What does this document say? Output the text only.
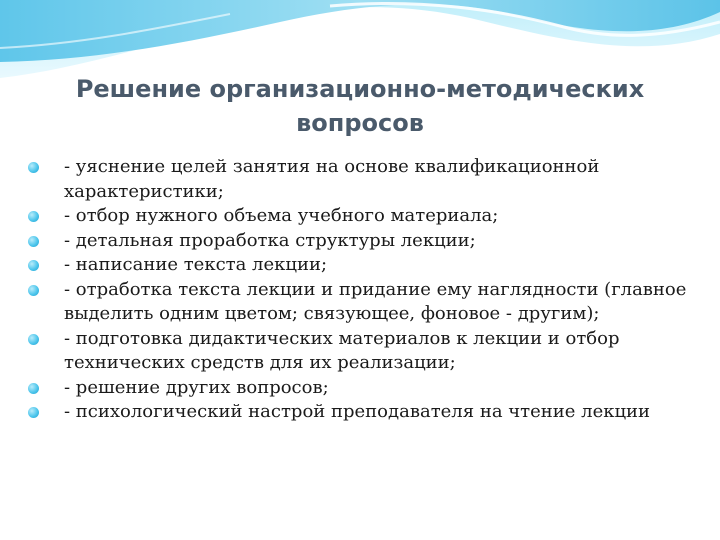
Решение организационно-методических
вопросов
- уяснение целей занятия на основе квалификационной характеристики;
- отбор нужного объема учебного материала;
- детальная проработка структуры лекции;
- написание текста лекции;
- отработка текста лекции и придание ему наглядности (главное выделить одним цветом; связующее, фоновое - другим);
- подготовка дидактических материалов к лекции и отбор технических средств для их реализации;
- решение других вопросов;
- психологический настрой преподавателя на чтение лекции
